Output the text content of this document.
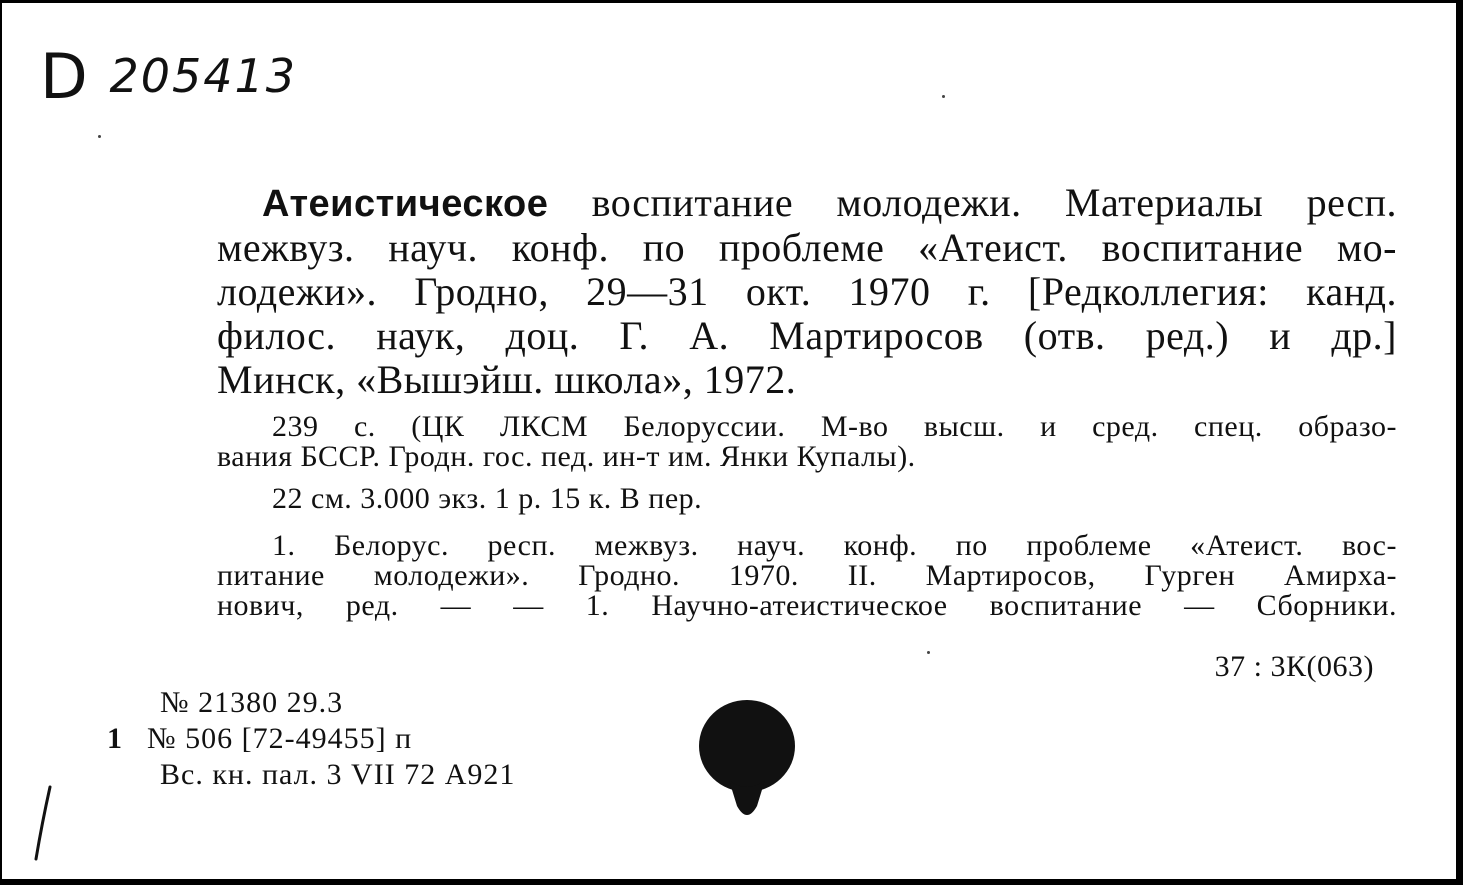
D 205413
Атеистическое воспитание молодежи. Материалы респ.
межвуз. науч. конф. по проблеме «Атеист. воспитание мо-
лодежи». Гродно, 29—31 окт. 1970 г. [Редколлегия: канд.
филос. наук, доц. Г. А. Мартиросов (отв. ред.) и др.]
Минск, «Вышэйш. школа», 1972.
239 с. (ЦК ЛКСМ Белоруссии. М-во высш. и сред. спец. образо-
вания БССР. Гродн. гос. пед. ин-т им. Янки Купалы).
22 см. 3.000 экз. 1 р. 15 к. В пер.
1. Белорус. респ. межвуз. науч. конф. по проблеме «Атеист. вос-
питание молодежи». Гродно. 1970. II. Мартиросов, Гурген Амирха-
нович, ред. — — 1. Научно-атеистическое воспитание — Сборники.
37 : 3К(063)
№ 21380 29.3
1 № 506 [72-49455] п
Вс. кн. пал. 3 VII 72 А921
